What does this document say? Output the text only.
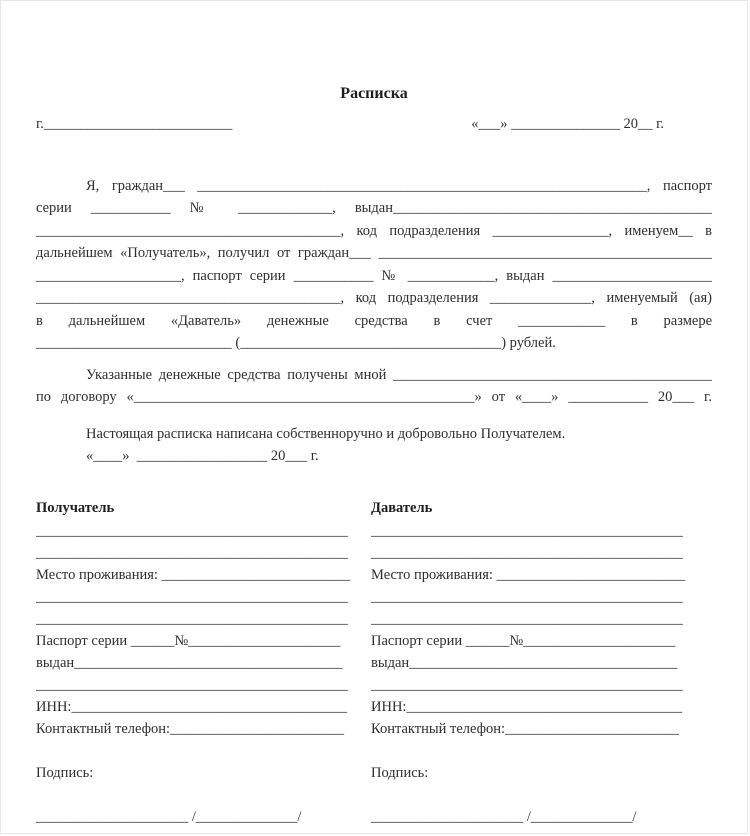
Расписка
г.__________________________	«___» _______________ 20__ г.
Я, граждан___ ______________________________________________________________, паспорт
серии ___________ № _____________, выдан____________________________________________
__________________________________________, код подразделения ________________, именуем__ в
дальнейшем «Получатель», получил от граждан___ ______________________________________________
____________________, паспорт серии ___________ № ____________, выдан ______________________
__________________________________________, код подразделения ______________, именуемый (ая)
в дальнейшем «Даватель» денежные средства в счет ____________ в размере
___________________________ (____________________________________) рублей.
Указанные денежные средства получены мной ____________________________________________
по договору «_______________________________________________» от «____» ___________ 20___ г.
Настоящая расписка написана собственноручно и добровольно Получателем.
«____»  __________________ 20___ г.
Получатель
___________________________________________
___________________________________________
Место проживания: __________________________
___________________________________________
___________________________________________
Паспорт серии ______№_____________________
выдан_____________________________________
___________________________________________
ИНН:______________________________________
Контактный телефон:________________________
Подпись:
_____________________ /______________/
Даватель
___________________________________________
___________________________________________
Место проживания: __________________________
___________________________________________
___________________________________________
Паспорт серии ______№_____________________
выдан_____________________________________
___________________________________________
ИНН:______________________________________
Контактный телефон:________________________
Подпись:
_____________________ /______________/
